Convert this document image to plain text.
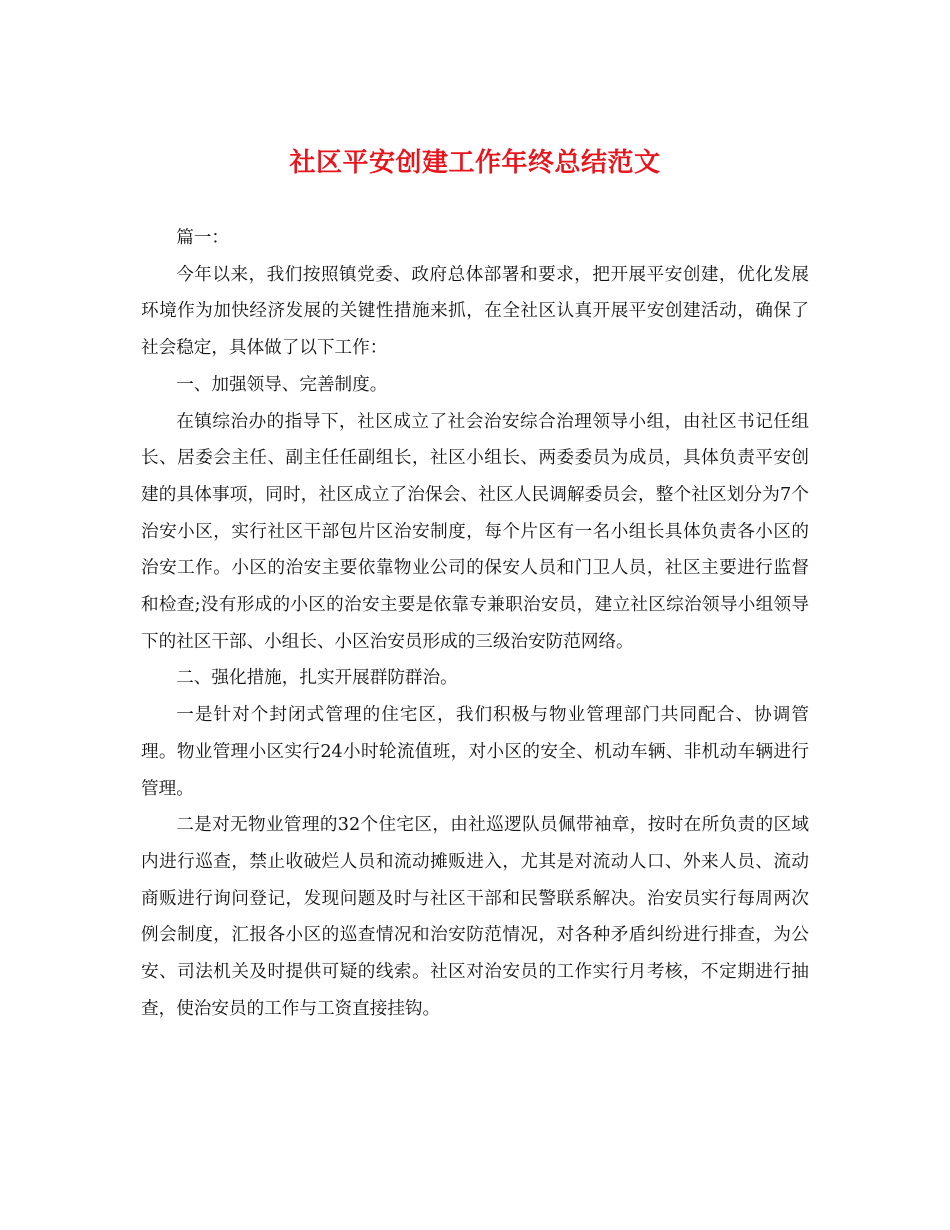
社区平安创建工作年终总结范文

篇一：

今年以来，我们按照镇党委、政府总体部署和要求，把开展平安创建，优化发展环境作为加快经济发展的关键性措施来抓，在全社区认真开展平安创建活动，确保了社会稳定，具体做了以下工作：

一、加强领导、完善制度。

在镇综治办的指导下，社区成立了社会治安综合治理领导小组，由社区书记任组长、居委会主任、副主任任副组长，社区小组长、两委委员为成员，具体负责平安创建的具体事项，同时，社区成立了治保会、社区人民调解委员会，整个社区划分为7个治安小区，实行社区干部包片区治安制度，每个片区有一名小组长具体负责各小区的治安工作。小区的治安主要依靠物业公司的保安人员和门卫人员，社区主要进行监督和检查;没有形成的小区的治安主要是依靠专兼职治安员，建立社区综治领导小组领导下的社区干部、小组长、小区治安员形成的三级治安防范网络。

二、强化措施，扎实开展群防群治。

一是针对个封闭式管理的住宅区，我们积极与物业管理部门共同配合、协调管理。物业管理小区实行24小时轮流值班，对小区的安全、机动车辆、非机动车辆进行管理。

二是对无物业管理的32个住宅区，由社巡逻队员佩带袖章，按时在所负责的区域内进行巡查，禁止收破烂人员和流动摊贩进入，尤其是对流动人口、外来人员、流动商贩进行询问登记，发现问题及时与社区干部和民警联系解决。治安员实行每周两次例会制度，汇报各小区的巡查情况和治安防范情况，对各种矛盾纠纷进行排查，为公安、司法机关及时提供可疑的线索。社区对治安员的工作实行月考核，不定期进行抽查，使治安员的工作与工资直接挂钩。
